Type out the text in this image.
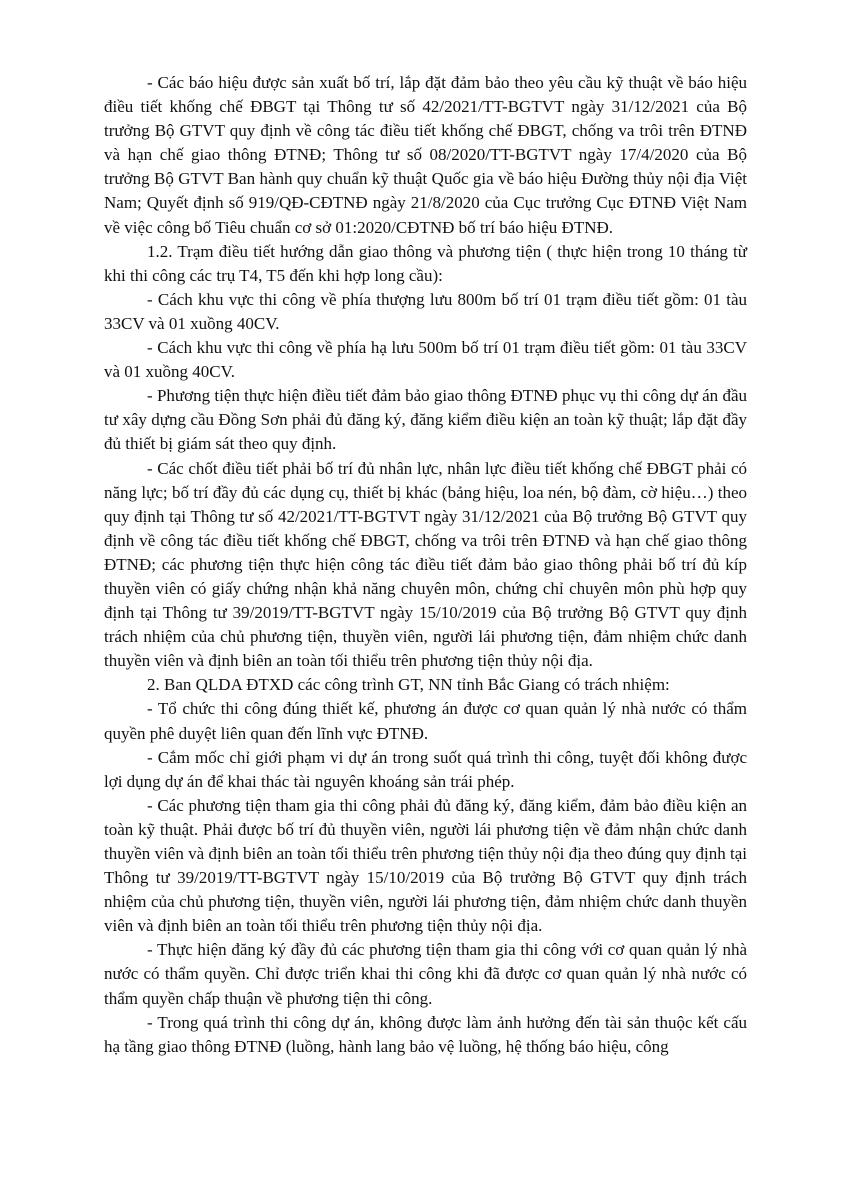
- Các báo hiệu được sản xuất bố trí, lắp đặt đảm bảo theo yêu cầu kỹ thuật về báo hiệu điều tiết khống chế ĐBGT tại Thông tư số 42/2021/TT-BGTVT ngày 31/12/2021 của Bộ trưởng Bộ GTVT quy định về công tác điều tiết khống chế ĐBGT, chống va trôi trên ĐTNĐ và hạn chế giao thông ĐTNĐ; Thông tư số 08/2020/TT-BGTVT ngày 17/4/2020 của Bộ trưởng Bộ GTVT Ban hành quy chuẩn kỹ thuật Quốc gia về báo hiệu Đường thủy nội địa Việt Nam; Quyết định số 919/QĐ-CĐTNĐ ngày 21/8/2020 của Cục trưởng Cục ĐTNĐ Việt Nam về việc công bố Tiêu chuẩn cơ sở 01:2020/CĐTNĐ bố trí báo hiệu ĐTNĐ.

1.2. Trạm điều tiết hướng dẫn giao thông và phương tiện ( thực hiện trong 10 tháng từ khi thi công các trụ T4, T5 đến khi hợp long cầu):

- Cách khu vực thi công về phía thượng lưu 800m bố trí 01 trạm điều tiết gồm: 01 tàu 33CV và 01 xuồng 40CV.

- Cách khu vực thi công về phía hạ lưu 500m bố trí 01 trạm điều tiết gồm: 01 tàu 33CV và 01 xuồng 40CV.

- Phương tiện thực hiện điều tiết đảm bảo giao thông ĐTNĐ phục vụ thi công dự án đầu tư xây dựng cầu Đồng Sơn phải đủ đăng ký, đăng kiểm điều kiện an toàn kỹ thuật; lắp đặt đầy đủ thiết bị giám sát theo quy định.

- Các chốt điều tiết phải bố trí đủ nhân lực, nhân lực điều tiết khống chế ĐBGT phải có năng lực; bố trí đầy đủ các dụng cụ, thiết bị khác (bảng hiệu, loa nén, bộ đàm, cờ hiệu…) theo quy định tại Thông tư số 42/2021/TT-BGTVT ngày 31/12/2021 của Bộ trưởng Bộ GTVT quy định về công tác điều tiết khống chế ĐBGT, chống va trôi trên ĐTNĐ và hạn chế giao thông ĐTNĐ; các phương tiện thực hiện công tác điều tiết đảm bảo giao thông phải bố trí đủ kíp thuyền viên có giấy chứng nhận khả năng chuyên môn, chứng chỉ chuyên môn phù hợp quy định tại Thông tư 39/2019/TT-BGTVT ngày 15/10/2019 của Bộ trưởng Bộ GTVT quy định trách nhiệm của chủ phương tiện, thuyền viên, người lái phương tiện, đảm nhiệm chức danh thuyền viên và định biên an toàn tối thiểu trên phương tiện thủy nội địa.

2. Ban QLDA ĐTXD các công trình GT, NN tỉnh Bắc Giang có trách nhiệm:

- Tổ chức thi công đúng thiết kế, phương án được cơ quan quản lý nhà nước có thẩm quyền phê duyệt liên quan đến lĩnh vực ĐTNĐ.

- Cắm mốc chỉ giới phạm vi dự án trong suốt quá trình thi công, tuyệt đối không được lợi dụng dự án để khai thác tài nguyên khoáng sản trái phép.

- Các phương tiện tham gia thi công phải đủ đăng ký, đăng kiểm, đảm bảo điều kiện an toàn kỹ thuật. Phải được bố trí đủ thuyền viên, người lái phương tiện về đảm nhận chức danh thuyền viên và định biên an toàn tối thiểu trên phương tiện thủy nội địa theo đúng quy định tại Thông tư 39/2019/TT-BGTVT ngày 15/10/2019 của Bộ trưởng Bộ GTVT quy định trách nhiệm của chủ phương tiện, thuyền viên, người lái phương tiện, đảm nhiệm chức danh thuyền viên và định biên an toàn tối thiểu trên phương tiện thủy nội địa.

- Thực hiện đăng ký đầy đủ các phương tiện tham gia thi công với cơ quan quản lý nhà nước có thẩm quyền. Chỉ được triển khai thi công khi đã được cơ quan quản lý nhà nước có thẩm quyền chấp thuận về phương tiện thi công.

- Trong quá trình thi công dự án, không được làm ảnh hưởng đến tài sản thuộc kết cấu hạ tầng giao thông ĐTNĐ (luồng, hành lang bảo vệ luồng, hệ thống báo hiệu, công
